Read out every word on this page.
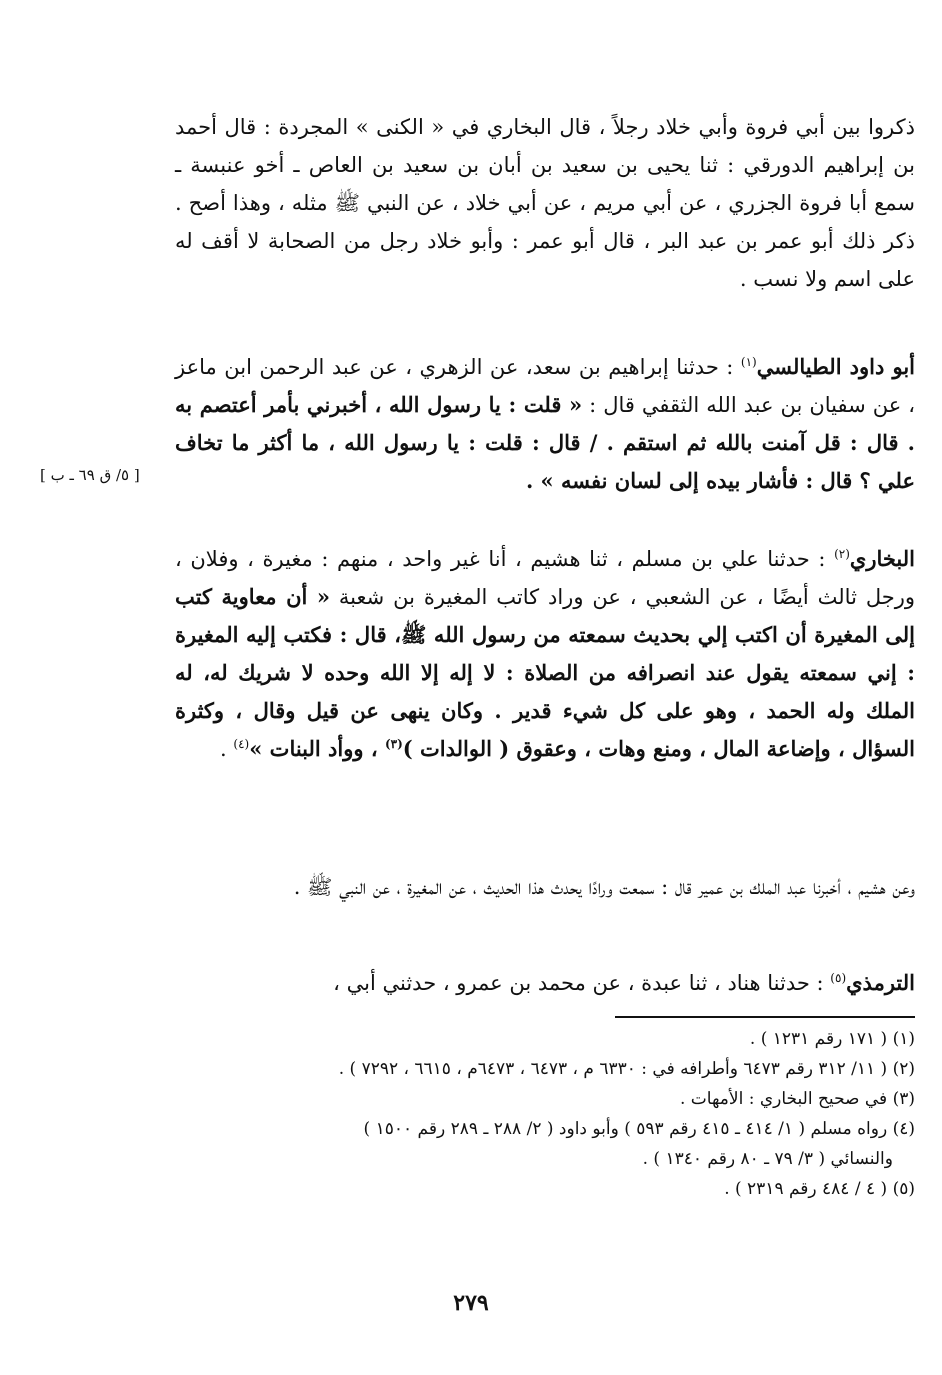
ذكروا بين أبي فروة وأبي خلاد رجلاً ، قال البخاري في « الكنى » المجردة : قال أحمد بن إبراهيم الدورقي : ثنا يحيى بن سعيد بن أبان بن سعيد بن العاص ـ أخو عنبسة ـ سمع أبا فروة الجزري ، عن أبي مريم ، عن أبي خلاد ، عن النبي ﷺ مثله ، وهذا أصح . ذكر ذلك أبو عمر بن عبد البر ، قال أبو عمر : وأبو خلاد رجل من الصحابة لا أقف له على اسم ولا نسب .

أبو داود الطيالسي$^{(١)}$ : حدثنا إبراهيم بن سعد، عن الزهري ، عن عبد الرحمن ابن ماعز ، عن سفيان بن عبد الله الثقفي قال : « قلت : يا رسول الله ، أخبرني بأمر أعتصم به . قال : قل آمنت بالله ثم استقم . / قال : قلت : يا رسول الله ، ما أكثر ما تخاف علي ؟ قال : فأشار بيده إلى لسان نفسه » .

[ ٥/ ق ٦٩ ـ ب ]

البخاري$^{(٢)}$ : حدثنا علي بن مسلم ، ثنا هشيم ، أنا غير واحد ، منهم : مغيرة ، وفلان ، ورجل ثالث أيضًا ، عن الشعبي ، عن وراد كاتب المغيرة بن شعبة « أن معاوية كتب إلى المغيرة أن اكتب إلي بحديث سمعته من رسول الله ﷺ، قال : فكتب إليه المغيرة : إني سمعته يقول عند انصرافه من الصلاة : لا إله إلا الله وحده لا شريك له، له الملك وله الحمد ، وهو على كل شيء قدير . وكان ينهى عن قيل وقال ، وكثرة السؤال ، وإضاعة المال ، ومنع وهات ، وعقوق ( الوالدات )$^{(٣)}$ ، ووأد البنات »$^{(٤)}$ .

وعن هشيم ، أخبرنا عبد الملك بن عمير قال : سمعت ورادًا يحدث هذا الحديث ، عن المغيرة ، عن النبي ﷺ .

الترمذي$^{(٥)}$ : حدثنا هناد ، ثنا عبدة ، عن محمد بن عمرو ، حدثني أبي ،

(١) ( ١٧١ رقم ١٢٣١ ) .

(٢) ( ١١/ ٣١٢ رقم ٦٤٧٣ وأطرافه في : ٦٣٣٠ م ، ٦٤٧٣ ، ٦٤٧٣م ، ٦٦١٥ ، ٧٢٩٢ ) .

(٣) في صحيح البخاري : الأمهات .

(٤) رواه مسلم ( ١/ ٤١٤ ـ ٤١٥ رقم ٥٩٣ ) وأبو داود ( ٢/ ٢٨٨ ـ ٢٨٩ رقم ١٥٠٠ )

والنسائي ( ٣/ ٧٩ ـ ٨٠ رقم ١٣٤٠ ) .

(٥) ( ٤ / ٤٨٤ رقم ٢٣١٩ ) .

٢٧٩
